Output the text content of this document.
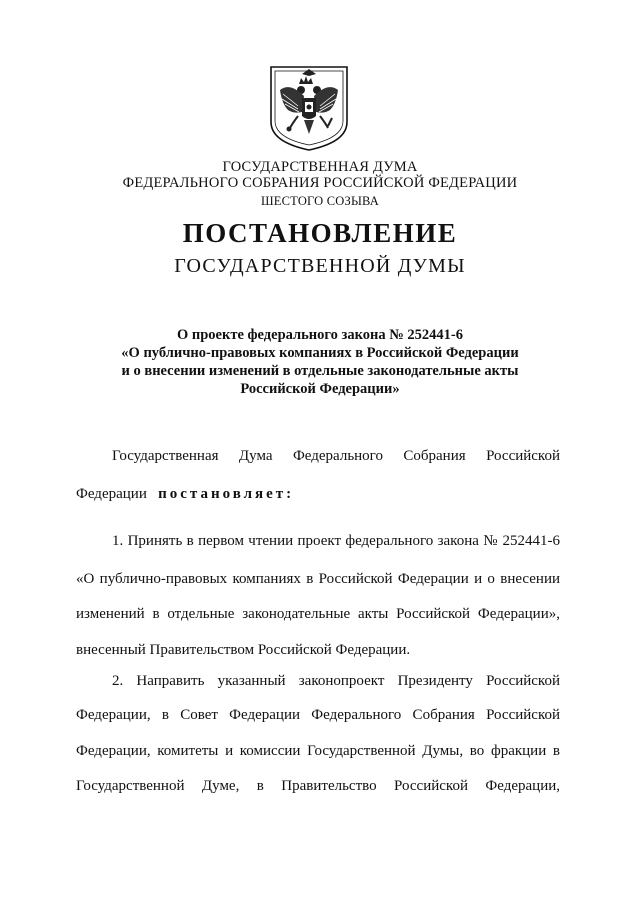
ГОСУДАРСТВЕННАЯ ДУМА
ФЕДЕРАЛЬНОГО СОБРАНИЯ РОССИЙСКОЙ ФЕДЕРАЦИИ
ШЕСТОГО СОЗЫВА
ПОСТАНОВЛЕНИЕ
ГОСУДАРСТВЕННОЙ ДУМЫ
О проекте федерального закона № 252441-6
«О публично-правовых компаниях в Российской Федерации
и о внесении изменений в отдельные законодательные акты
Российской Федерации»
Государственная Дума Федерального Собрания Российской
Федерации постановляет:
1. Принять в первом чтении проект федерального закона № 252441-6
«О публично-правовых компаниях в Российской Федерации и о внесении
изменений в отдельные законодательные акты Российской Федерации»,
внесенный Правительством Российской Федерации.
2. Направить указанный законопроект Президенту Российской
Федерации, в Совет Федерации Федерального Собрания Российской
Федерации, комитеты и комиссии Государственной Думы, во фракции в
Государственной Думе, в Правительство Российской Федерации,
